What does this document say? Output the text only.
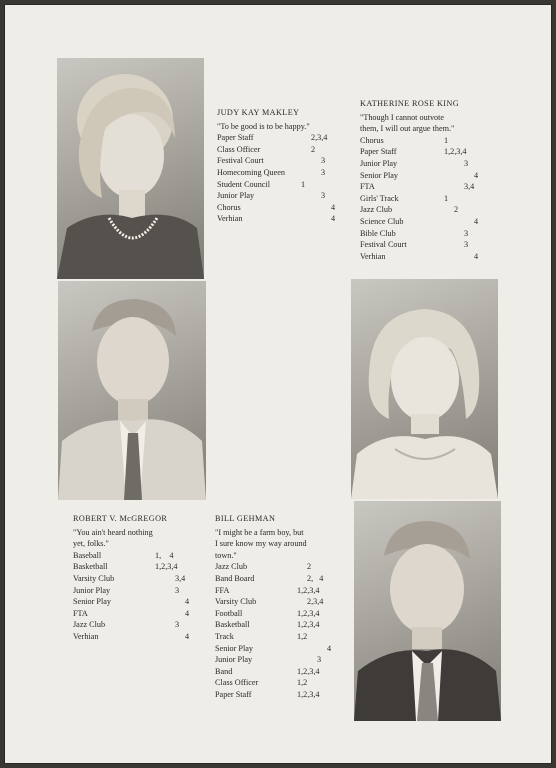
JUDY KAY MAKLEY
"To be good is to be happy."
Paper Staff	2,3,4
Class Officer	2
Festival Court	3
Homecoming Queen	3
Student Council	1
Junior Play	3
Chorus	4
Verhian	4
KATHERINE ROSE KING
"Though I cannot outvote
them, I will out argue them."
Chorus	1
Paper Staff	1,2,3,4
Junior Play	3
Senior Play	4
FTA	3,4
Girls' Track	1
Jazz Club	2
Science Club	4
Bible Club	3
Festival Court	3
Verhian	4
ROBERT V. McGREGOR
"You ain't heard nothing
yet, folks."
Baseball	1,    4
Basketball	1,2,3,4
Varsity Club	3,4
Junior Play	3
Senior Play	4
FTA	4
Jazz Club	3
Verhian	4
BILL GEHMAN
"I might be a farm boy, but
I sure know my way around
town."
Jazz Club	2
Band Board	2,   4
FFA	1,2,3,4
Varsity Club	2,3,4
Football	1,2,3,4
Basketball	1,2,3,4
Track	1,2
Senior Play	4
Junior Play	3
Band	1,2,3,4
Class Officer	1,2
Paper Staff	1,2,3,4
